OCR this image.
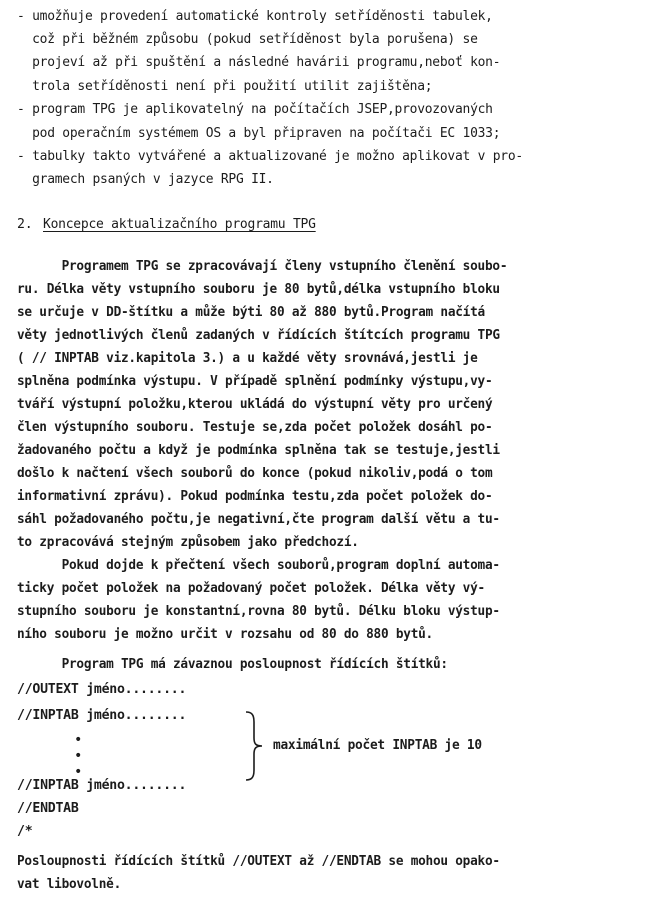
- umožňuje provedení automatické kontroly setříděnosti tabulek,
což při běžném způsobu (pokud setříděnost byla porušena) se
projeví až při spuštění a následné havárii programu,neboť kon-
trola setříděnosti není při použití utilit zajištěna;
- program TPG je aplikovatelný na počítačích JSEP,provozovaných
pod operačním systémem OS a byl připraven na počítači EC 1033;
- tabulky takto vytvářené a aktualizované je možno aplikovat v pro-
gramech psaných v jazyce RPG II.
2. Koncepce aktualizačního programu TPG
Programem TPG se zpracovávají členy vstupního členění soubo-
ru. Délka věty vstupního souboru je 80 bytů,délka vstupního bloku
se určuje v DD-štítku a může býti 80 až 880 bytů.Program načítá
věty jednotlivých členů zadaných v řídících štítcích programu TPG
( // INPTAB viz.kapitola 3.) a u každé věty srovnává,jestli je
splněna podmínka výstupu. V případě splnění podmínky výstupu,vy-
tváří výstupní položku,kterou ukládá do výstupní věty pro určený
člen výstupního souboru. Testuje se,zda počet položek dosáhl po-
žadovaného počtu a když je podmínka splněna tak se testuje,jestli
došlo k načtení všech souborů do konce (pokud nikoliv,podá o tom
informativní zprávu). Pokud podmínka testu,zda počet položek do-
sáhl požadovaného počtu,je negativní,čte program další větu a tu-
to zpracovává stejným způsobem jako předchozí.
Pokud dojde k přečtení všech souborů,program doplní automa-
ticky počet položek na požadovaný počet položek. Délka věty vý-
stupního souboru je konstantní,rovna 80 bytů. Délku bloku výstup-
ního souboru je možno určit v rozsahu od 80 do 880 bytů.
Program TPG má závaznou posloupnost řídících štítků:
//OUTEXT jméno........
//INPTAB jméno........
•
•
•
maximální počet INPTAB je 10
//INPTAB jméno........
//ENDTAB
/*
Posloupnosti řídících štítků //OUTEXT až //ENDTAB se mohou opako-
vat libovolně.
